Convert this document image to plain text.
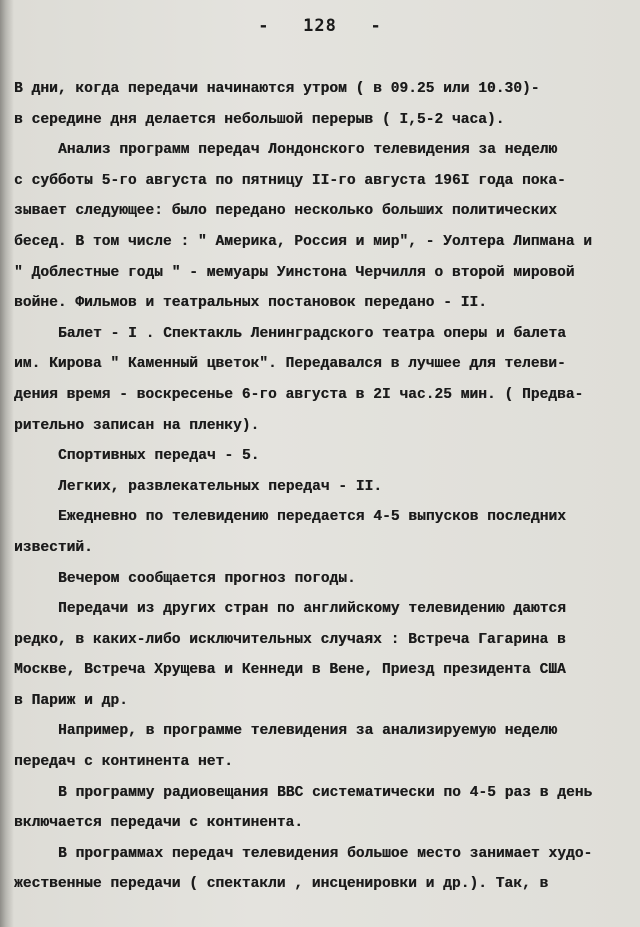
-   128   -
В дни, когда передачи начинаются утром ( в 09.25 или 10.30)-
в середине дня делается небольшой перерыв ( I,5-2 часа).
Анализ программ передач Лондонского телевидения за неделю
с субботы 5-го августа по пятницу II-го августа 196I года пока-
зывает следующее: было передано несколько больших политических
бесед. В том числе : " Америка, Россия и мир", - Уолтера Липмана и
" Доблестные годы " - мемуары Уинстона Черчилля о второй мировой
войне. Фильмов и театральных постановок передано - II.
Балет - I . Спектакль Ленинградского театра оперы и балета
им. Кирова " Каменный цветок". Передавался в лучшее для телеви-
дения время - воскресенье 6-го августа в 2I час.25 мин. ( Предва-
рительно записан на пленку).
Спортивных передач - 5.
Легких, развлекательных передач - II.
Ежедневно по телевидению передается 4-5 выпусков последних
известий.
Вечером сообщается прогноз погоды.
Передачи из других стран по английскому телевидению даются
редко, в каких-либо исключительных случаях : Встреча Гагарина в
Москве, Встреча Хрущева и Кеннеди в Вене, Приезд президента США
в Париж и др.
Например, в программе телевидения за анализируемую неделю
передач с континента нет.
В программу радиовещания ВВС систематически по 4-5 раз в день
включается передачи с континента.
В программах передач телевидения большое место занимает худо-
жественные передачи ( спектакли , инсценировки и др.). Так, в
